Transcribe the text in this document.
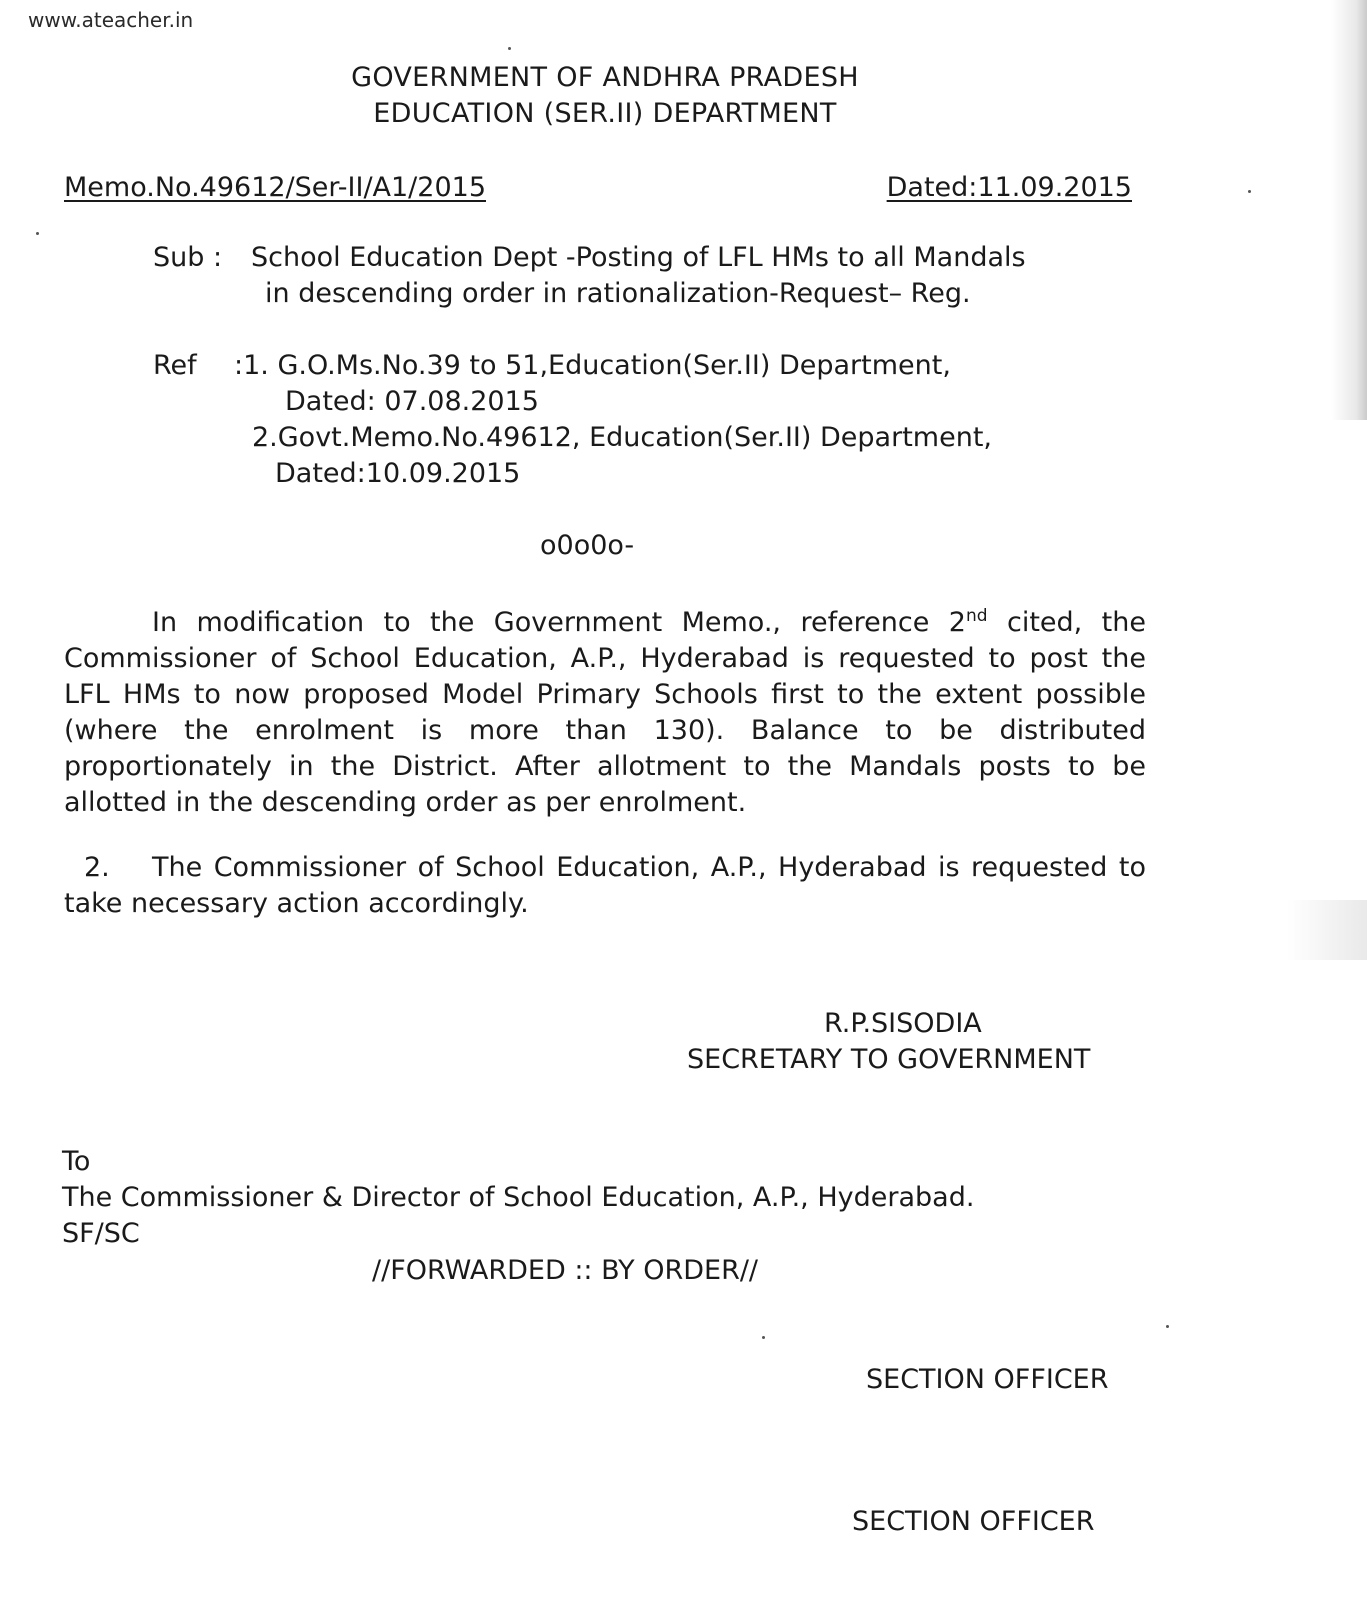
www.ateacher.in
GOVERNMENT OF ANDHRA PRADESH
EDUCATION (SER.II) DEPARTMENT
Memo.No.49612/Ser-II/A1/2015	Dated:11.09.2015
Sub : School Education Dept -Posting of LFL HMs to all Mandals
in descending order in rationalization-Request– Reg.
Ref :1. G.O.Ms.No.39 to 51,Education(Ser.II) Department,
Dated: 07.08.2015
2.Govt.Memo.No.49612, Education(Ser.II) Department,
Dated:10.09.2015
o0o0o-

In modification to the Government Memo., reference 2nd cited, the Commissioner of School Education, A.P., Hyderabad is requested to post the LFL HMs to now proposed Model Primary Schools first to the extent possible (where the enrolment is more than 130). Balance to be distributed proportionately in the District. After allotment to the Mandals posts to be allotted in the descending order as per enrolment.

2. The Commissioner of School Education, A.P., Hyderabad is requested to take necessary action accordingly.

R.P.SISODIA
SECRETARY TO GOVERNMENT
To
The Commissioner & Director of School Education, A.P., Hyderabad.
SF/SC
//FORWARDED :: BY ORDER//
SECTION OFFICER
SECTION OFFICER
